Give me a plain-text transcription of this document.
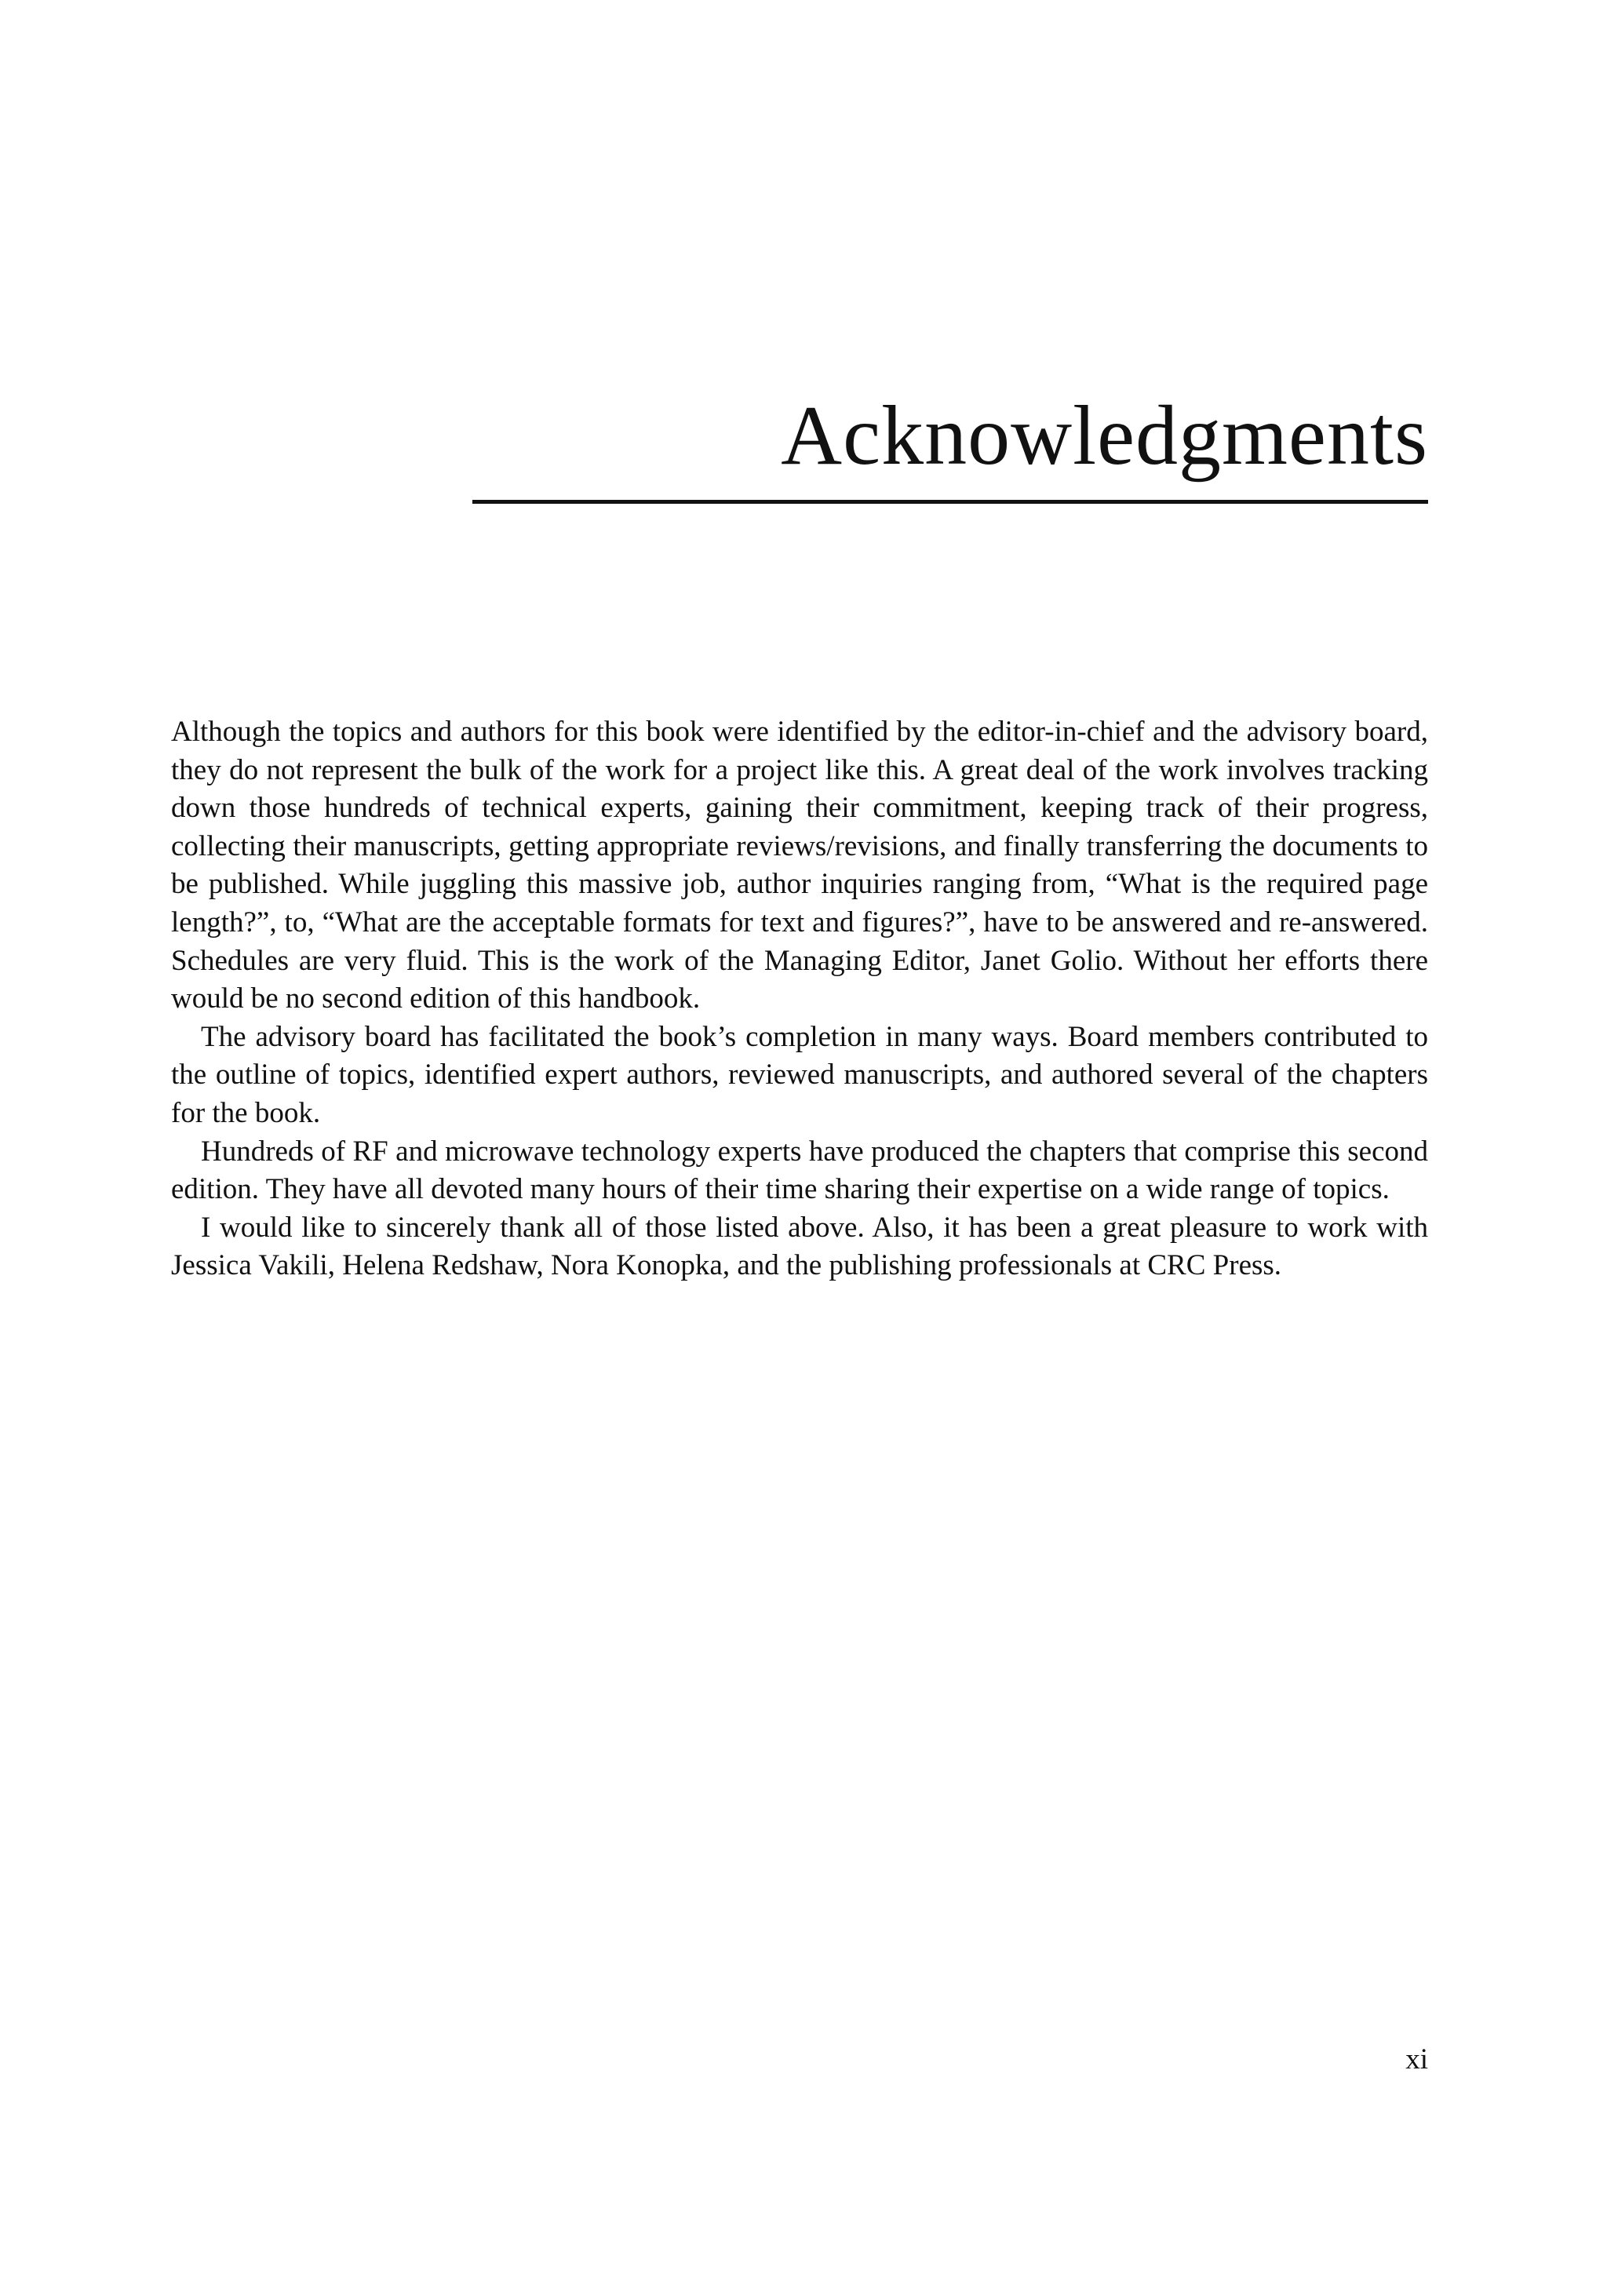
Acknowledgments

Although the topics and authors for this book were identified by the editor-in-chief and the advisory board, they do not represent the bulk of the work for a project like this. A great deal of the work involves tracking down those hundreds of technical experts, gaining their commitment, keeping track of their progress, collecting their manuscripts, getting appropriate reviews/revisions, and finally transferring the documents to be published. While juggling this massive job, author inquiries ranging from, “What is the required page length?”, to, “What are the acceptable formats for text and figures?”, have to be answered and re-answered. Schedules are very fluid. This is the work of the Managing Editor, Janet Golio. Without her efforts there would be no second edition of this handbook.

The advisory board has facilitated the book’s completion in many ways. Board members contributed to the outline of topics, identified expert authors, reviewed manuscripts, and authored several of the chapters for the book.

Hundreds of RF and microwave technology experts have produced the chapters that comprise this second edition. They have all devoted many hours of their time sharing their expertise on a wide range of topics.

I would like to sincerely thank all of those listed above. Also, it has been a great pleasure to work with Jessica Vakili, Helena Redshaw, Nora Konopka, and the publishing professionals at CRC Press.

xi
